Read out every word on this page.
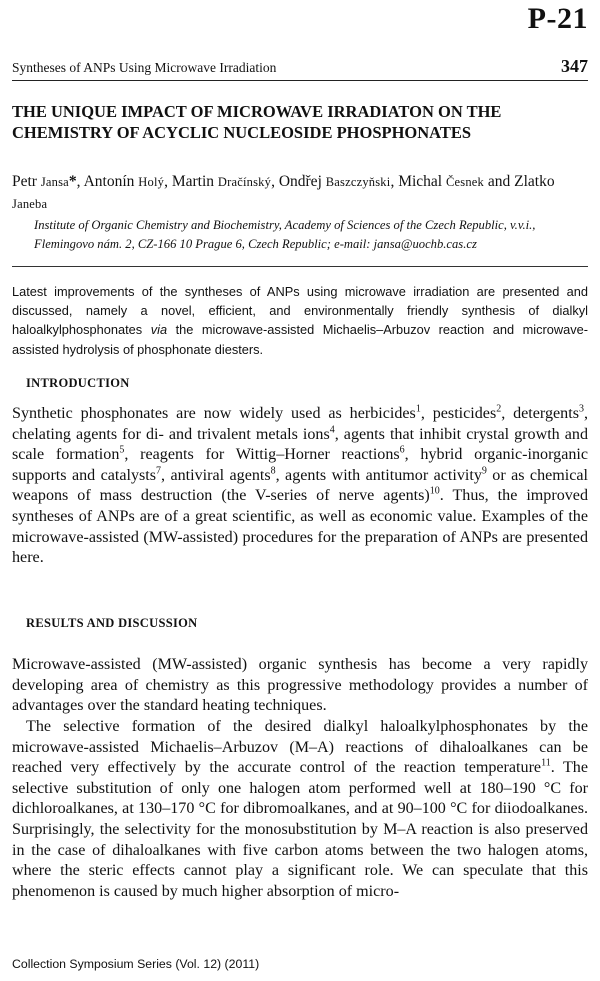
P-21
Syntheses of ANPs Using Microwave Irradiation	347
THE UNIQUE IMPACT OF MICROWAVE IRRADIATON ON THE CHEMISTRY OF ACYCLIC NUCLEOSIDE PHOSPHONATES

Petr Jansa*, Antonín Holý, Martin Dračínský, Ondřej Baszczyňski, Michal Česnek and Zlatko Janeba

Institute of Organic Chemistry and Biochemistry, Academy of Sciences of the Czech Republic, v.v.i., Flemingovo nám. 2, CZ-166 10 Prague 6, Czech Republic; e-mail: jansa@uochb.cas.cz

Latest improvements of the syntheses of ANPs using microwave irradiation are presented and discussed, namely a novel, efficient, and environmentally friendly synthesis of dialkyl haloalkylphosphonates via the microwave-assisted Michaelis–Arbuzov reaction and microwave-assisted hydrolysis of phosphonate diesters.

INTRODUCTION

Synthetic phosphonates are now widely used as herbicides$^1$, pesticides$^2$, detergents$^3$, chelating agents for di- and trivalent metals ions$^4$, agents that inhibit crystal growth and scale formation$^5$, reagents for Wittig–Horner reactions$^6$, hybrid organic-inorganic supports and catalysts$^7$, antiviral agents$^8$, agents with antitumor activity$^9$ or as chemical weapons of mass destruction (the V-series of nerve agents)$^{10}$. Thus, the improved syntheses of ANPs are of a great scientific, as well as economic value. Examples of the microwave-assisted (MW-assisted) procedures for the preparation of ANPs are presented here.

RESULTS AND DISCUSSION

Microwave-assisted (MW-assisted) organic synthesis has become a very rapidly developing area of chemistry as this progressive methodology provides a number of advantages over the standard heating techniques.

The selective formation of the desired dialkyl haloalkylphosphonates by the microwave-assisted Michaelis–Arbuzov (M–A) reactions of dihaloalkanes can be reached very effectively by the accurate control of the reaction temperature$^{11}$. The selective substitution of only one halogen atom performed well at 180–190 °C for dichloroalkanes, at 130–170 °C for dibromoalkanes, and at 90–100 °C for diiodoalkanes. Surprisingly, the selectivity for the monosubstitution by M–A reaction is also preserved in the case of dihaloalkanes with five carbon atoms between the two halogen atoms, where the steric effects cannot play a significant role. We can speculate that this phenomenon is caused by much higher absorption of micro-

Collection Symposium Series (Vol. 12) (2011)
